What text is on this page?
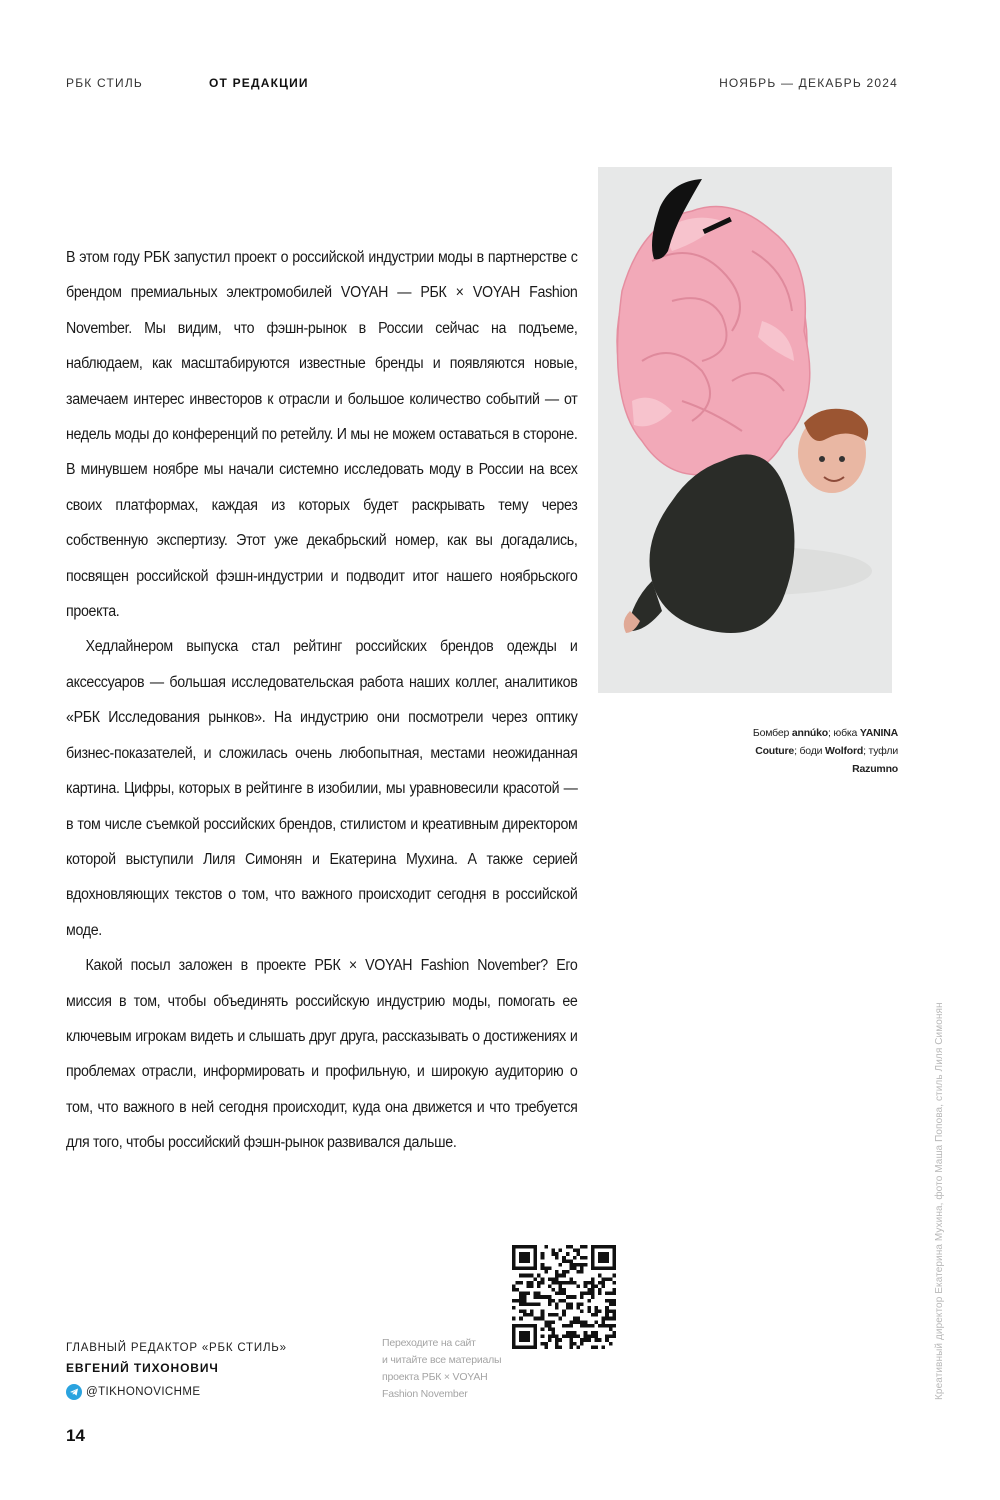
РБК СТИЛЬ	ОТ РЕДАКЦИИ	НОЯБРЬ — ДЕКАБРЬ 2024
Бомбер annúko; юбка YANINA Couture; боди Wolford; туфли Razumno

В этом году РБК запустил проект о российской индустрии моды в партнерстве с брендом премиальных электромобилей VOYAH — РБК × VOYAH Fashion November. Мы видим, что фэшн-рынок в России сейчас на подъеме, наблюдаем, как масштабируются известные бренды и появляются новые, замечаем интерес инвесторов к отрасли и большое количество событий — от недель моды до конференций по ретейлу. И мы не можем оставаться в стороне. В минувшем ноябре мы начали системно исследовать моду в России на всех своих платформах, каждая из которых будет раскрывать тему через собственную экспертизу. Этот уже декабрьский номер, как вы догадались, посвящен российской фэшн-индустрии и подводит итог нашего ноябрьского проекта.

Хедлайнером выпуска стал рейтинг российских брендов одежды и аксессуаров — большая исследовательская работа наших коллег, аналитиков «РБК Исследования рынков». На индустрию они посмотрели через оптику бизнес-показателей, и сложилась очень любопытная, местами неожиданная картина. Цифры, которых в рейтинге в изобилии, мы уравновесили красотой — в том числе съемкой российских брендов, стилистом и креативным директором которой выступили Лиля Симонян и Екатерина Мухина. А также серией вдохновляющих текстов о том, что важного происходит сегодня в российской моде.

Какой посыл заложен в проекте РБК × VOYAH Fashion November? Его миссия в том, чтобы объединять российскую индустрию моды, помогать ее ключевым игрокам видеть и слышать друг друга, рассказывать о достижениях и проблемах отрасли, информировать и профильную, и широкую аудиторию о том, что важного в ней сегодня происходит, куда она движется и что требуется для того, чтобы российский фэшн-рынок развивался дальше.	Креативный директор Екатерина Мухина, фото Маша Попова, стиль Лиля Симонян
ГЛАВНЫЙ РЕДАКТОР «РБК СТИЛЬ»
ЕВГЕНИЙ ТИХОНОВИЧ
@TIKHONOVICHME
Переходите на сайт
и читайте все материалы
проекта РБК × VOYAH
Fashion November
14
